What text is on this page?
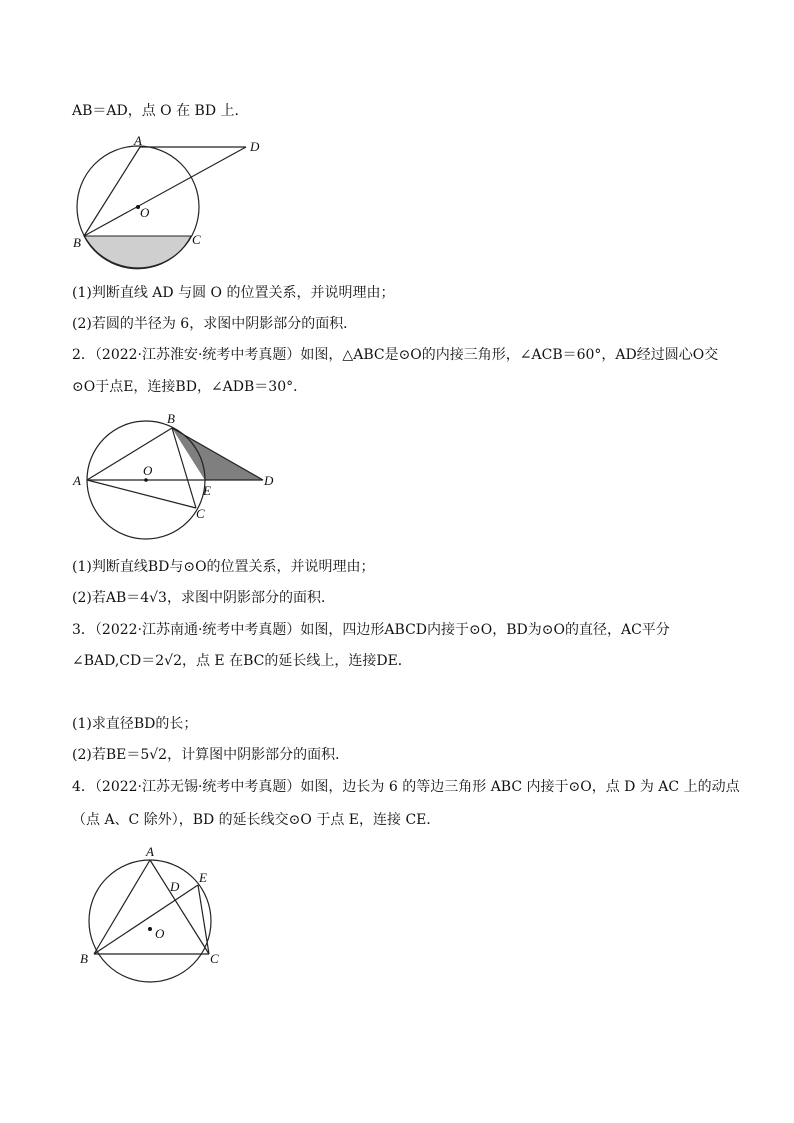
AB＝AD，点 O 在 BD 上．
A	D
O
B	C
(1)判断直线 AD 与圆 O 的位置关系，并说明理由；
(2)若圆的半径为 6，求图中阴影部分的面积．
2．（2022·江苏淮安·统考中考真题）如图，△ABC是⊙O的内接三角形，∠ACB＝60°，AD经过圆心O交
⊙O于点E，连接BD，∠ADB＝30°．
B
O
A
E
D
C
(1)判断直线BD与⊙O的位置关系，并说明理由；
(2)若AB＝4√3，求图中阴影部分的面积．
3．（2022·江苏南通·统考中考真题）如图，四边形ABCD内接于⊙O，BD为⊙O的直径，AC平分
∠BAD,CD＝2√2，点 E 在BC的延长线上，连接DE．
(1)求直径BD的长；
(2)若BE＝5√2，计算图中阴影部分的面积．
4．（2022·江苏无锡·统考中考真题）如图，边长为 6 的等边三角形 ABC 内接于⊙O，点 D 为 AC 上的动点
（点 A、C 除外），BD 的延长线交⊙O 于点 E，连接 CE．
A
D
E
O
B	C
